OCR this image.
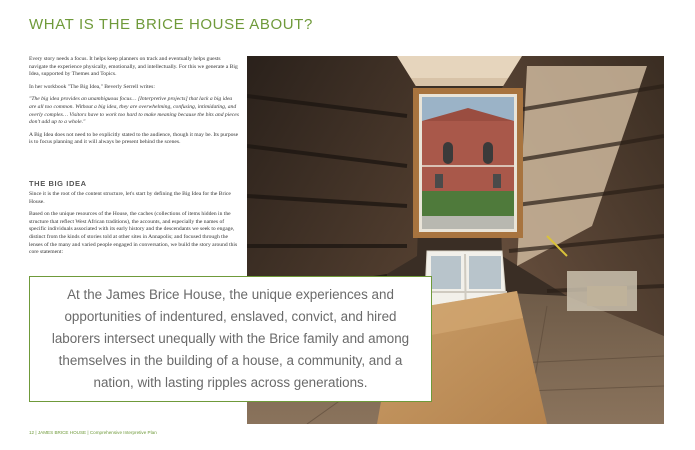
WHAT IS THE BRICE HOUSE ABOUT?

Every story needs a focus. It helps keep planners on track and eventually helps guests navigate the experience physically, emotionally, and intellectually. For this we generate a Big Idea, supported by Themes and Topics.

In her workbook "The Big Idea," Beverly Serrell writes:

"The big idea provides an unambiguous focus… [Interpretive projects] that lack a big idea are all too common. Without a big idea, they are overwhelming, confusing, intimidating, and overly complex… Visitors have to work too hard to make meaning because the bits and pieces don't add up to a whole."

A Big Idea does not need to be explicitly stated to the audience, though it may be. Its purpose is to focus planning and it will always be present behind the scenes.

THE BIG IDEA

Since it is the root of the content structure, let's start by defining the Big Idea for the Brice House.

Based on the unique resources of the House, the caches (collections of items hidden in the structure that reflect West African traditions), the accounts, and especially the names of specific individuals associated with its early history and the descendants we seek to engage, distinct from the kinds of stories told at other sites in Annapolis; and focused through the lenses of the many and varied people engaged in conversation, we build the story around this core statement:

At the James Brice House, the unique experiences and opportunities of indentured, enslaved, convict, and hired laborers intersect unequally with the Brice family and among themselves in the building of a house, a community, and a nation, with lasting ripples across generations.

12 | JAMES BRICE HOUSE | Comprehensive Interpretive Plan
